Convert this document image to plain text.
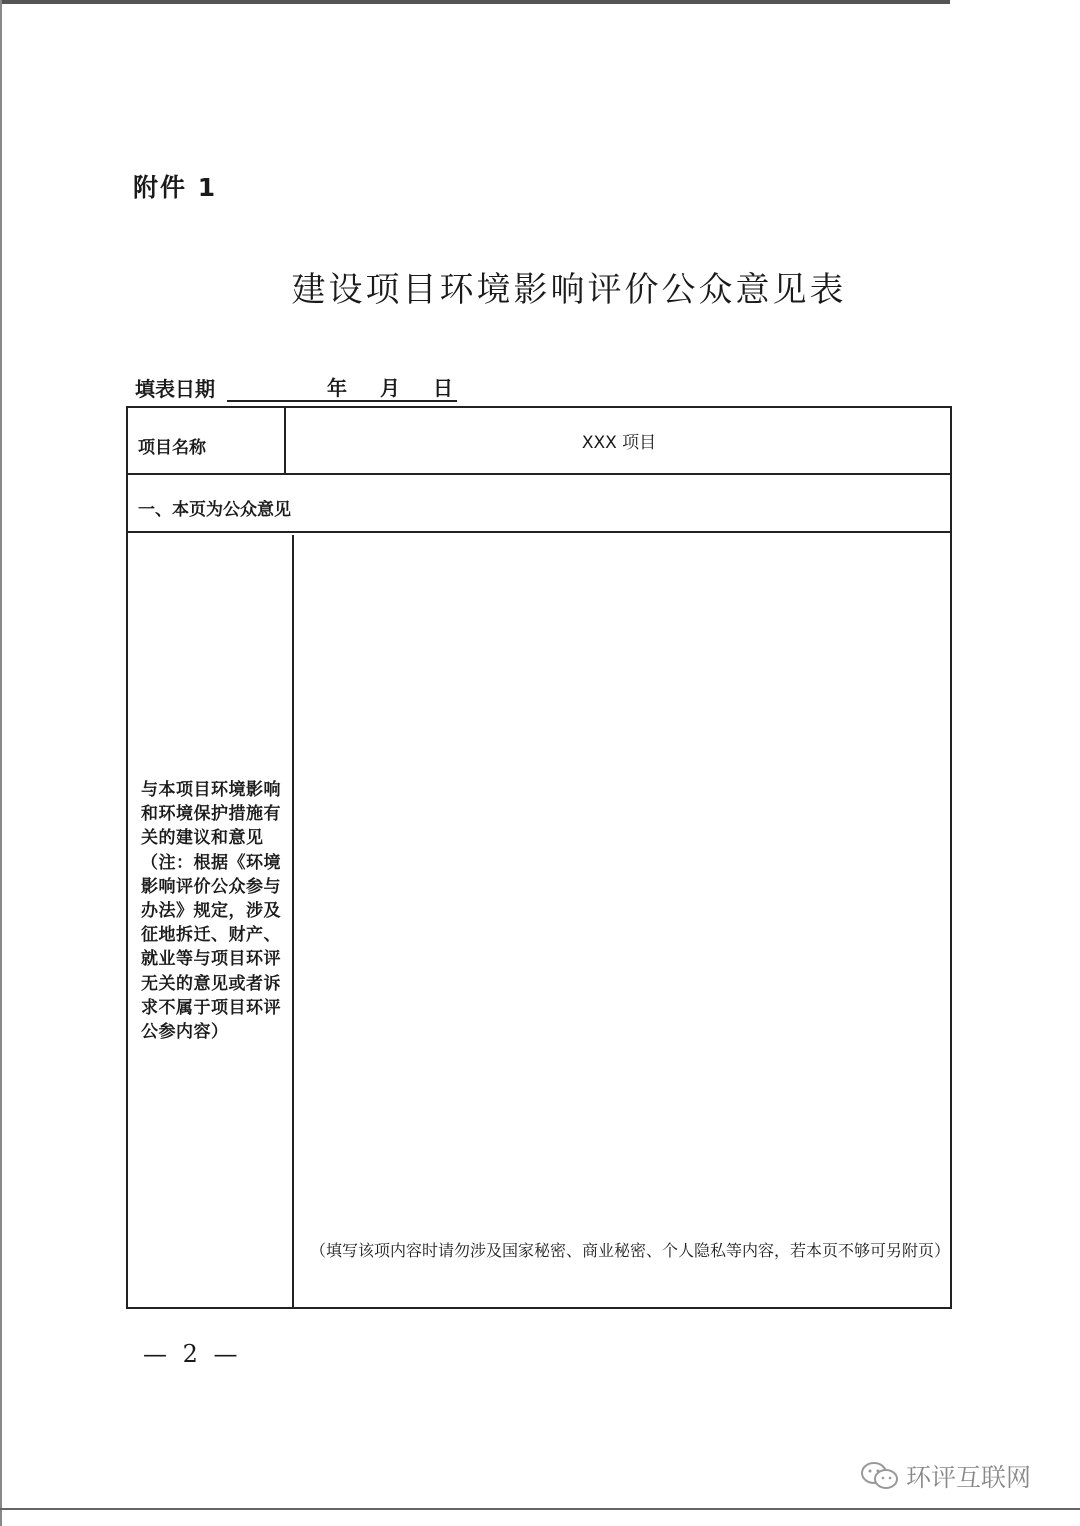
附件 1
建设项目环境影响评价公众意见表
填表日期	年 月 日
项目名称	XXX 项目
一、本页为公众意见
与本项目环境影响和环境保护措施有关的建议和意见（注：根据《环境影响评价公众参与办法》规定，涉及征地拆迁、财产、就业等与项目环评无关的意见或者诉求不属于项目环评公参内容）
（填写该项内容时请勿涉及国家秘密、商业秘密、个人隐私等内容，若本页不够可另附页）
— 2 —
环评互联网
